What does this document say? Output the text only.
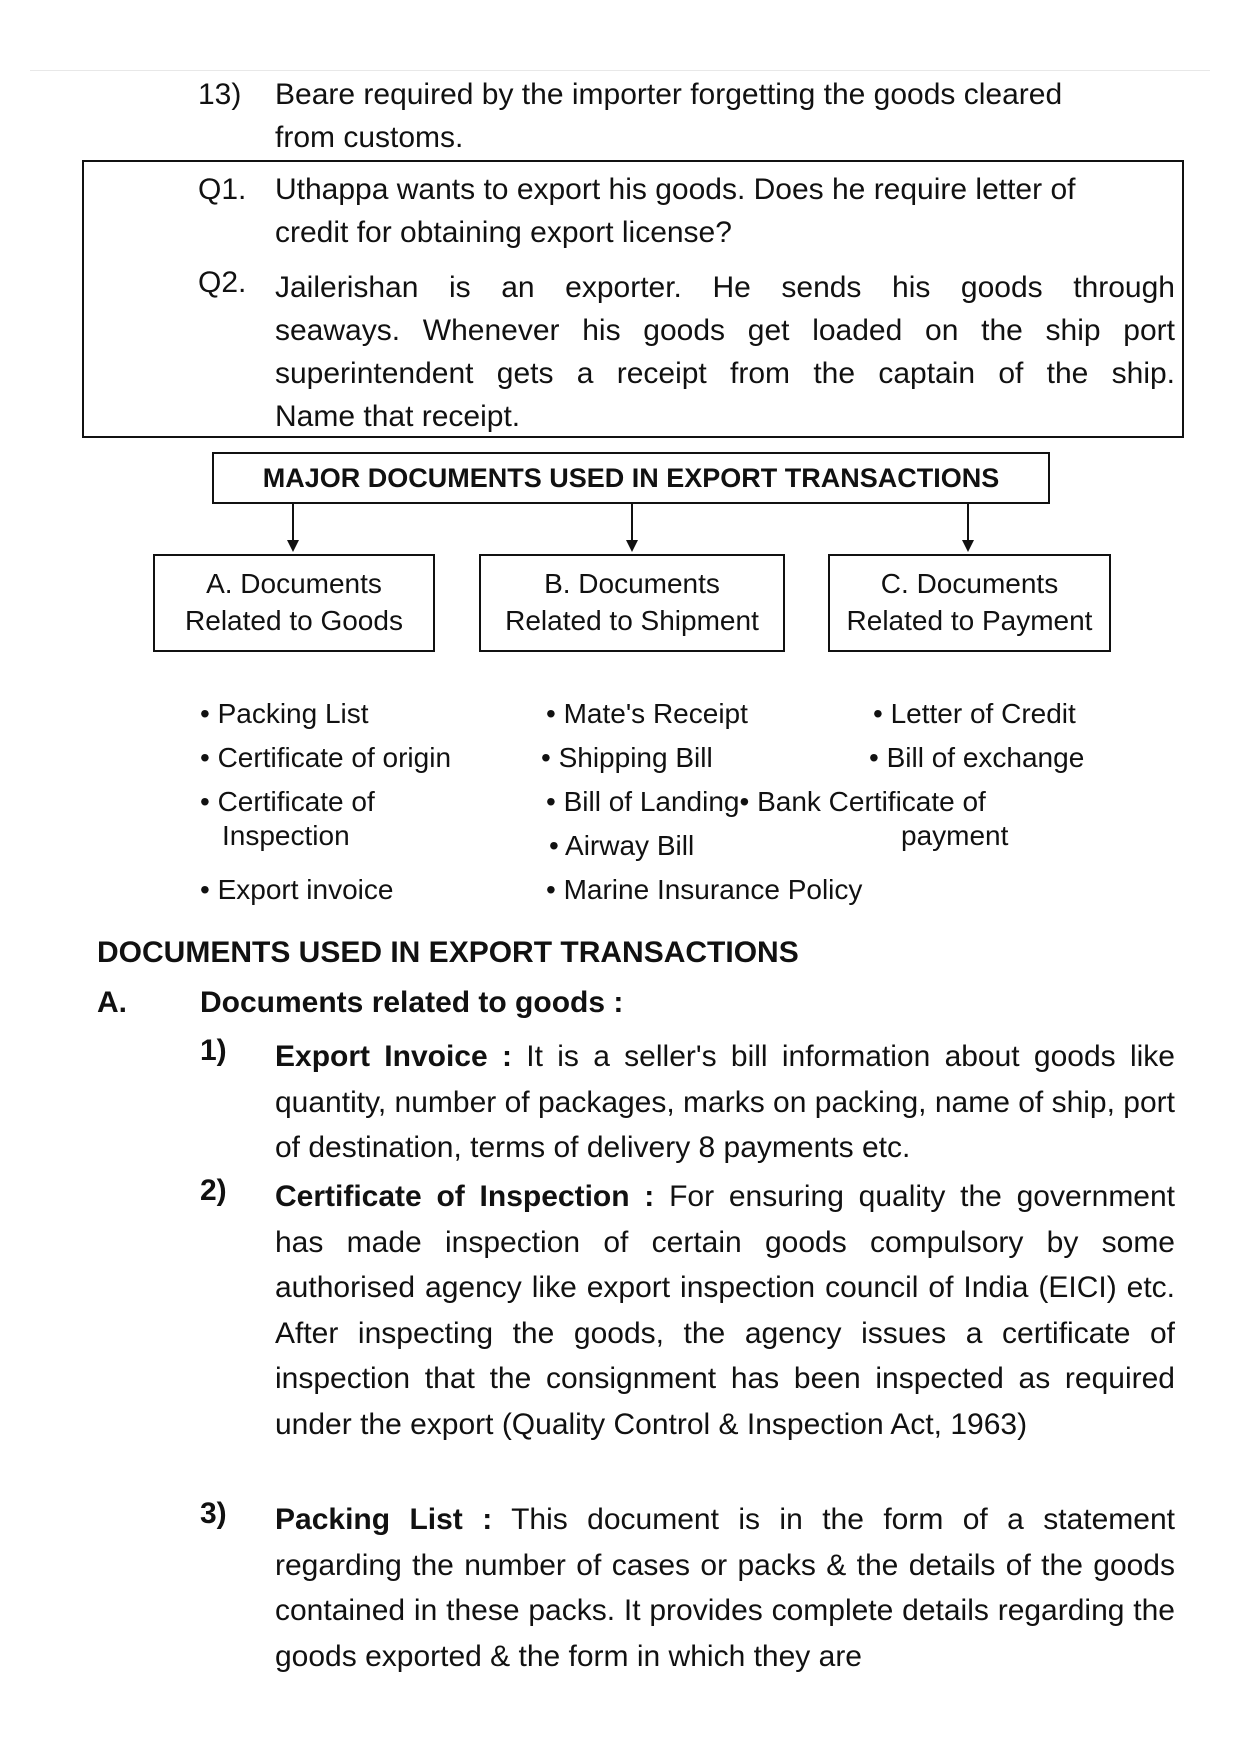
13) Beare required by the importer forgetting the goods cleared
from customs.
Q1. Uthappa wants to export his goods. Does he require letter of
credit for obtaining export license?
Q2. Jailerishan is an exporter. He sends his goods through
seaways. Whenever his goods get loaded on the ship port
superintendent gets a receipt from the captain of the ship.
Name that receipt.
MAJOR DOCUMENTS USED IN EXPORT TRANSACTIONS
A. Documents
Related to Goods
B. Documents
Related to Shipment
C. Documents
Related to Payment
• Packing List
• Certificate of origin
• Certificate of
Inspection
• Export invoice
• Mate's Receipt
• Shipping Bill
• Bill of Landing• Bank Certificate of
• Airway Bill
• Marine Insurance Policy
• Letter of Credit
• Bill of exchange
payment
DOCUMENTS USED IN EXPORT TRANSACTIONS
A. Documents related to goods :
1) Export Invoice : It is a seller's bill information about goods like quantity, number of packages, marks on packing, name of ship, port of destination, terms of delivery 8 payments etc.
2) Certificate of Inspection : For ensuring quality the government has made inspection of certain goods compulsory by some authorised agency like export inspection council of India (EICI) etc. After inspecting the goods, the agency issues a certificate of inspection that the consignment has been inspected as required under the export (Quality Control & Inspection Act, 1963)
3) Packing List : This document is in the form of a statement regarding the number of cases or packs & the details of the goods contained in these packs. It provides complete details regarding the goods exported & the form in which they are
